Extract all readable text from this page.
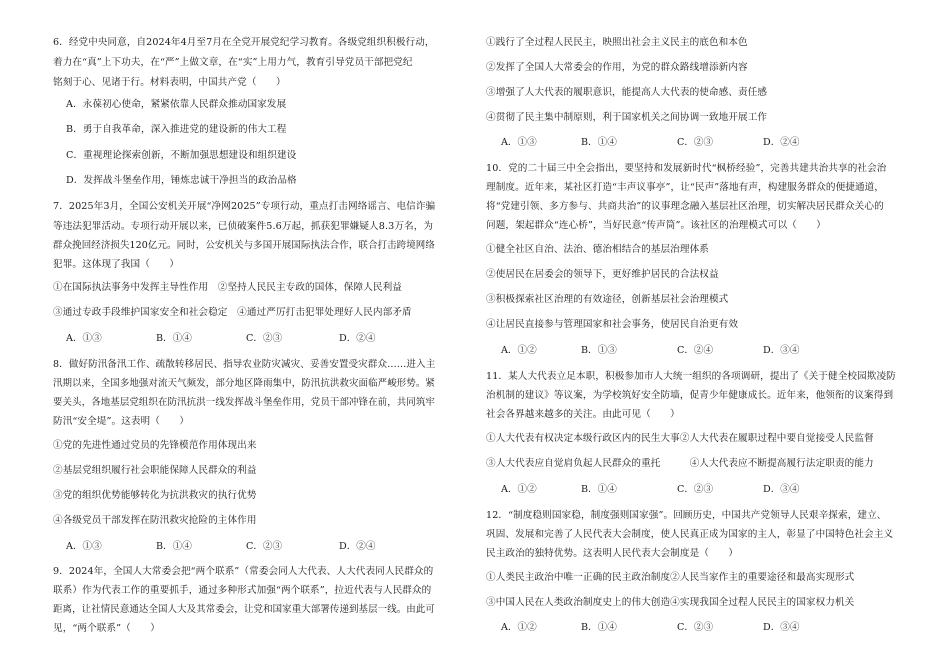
6．经党中央同意，自2024年4月至7月在全党开展党纪学习教育。各级党组织积极行动，
着力在“真”上下功夫，在“严”上做文章，在“实”上用力气，教育引导党员干部把党纪
铭刻于心、见诸于行。材料表明，中国共产党（　　）
A．永葆初心使命，紧紧依靠人民群众推动国家发展
B．勇于自我革命，深入推进党的建设新的伟大工程
C．重视理论探索创新，不断加强思想建设和组织建设
D．发挥战斗堡垒作用，锤炼忠诚干净担当的政治品格
7．2025年3月，全国公安机关开展“净网2025”专项行动，重点打击网络谣言、电信诈骗
等违法犯罪活动。专项行动开展以来，已侦破案件5.6万起，抓获犯罪嫌疑人8.3万名，为
群众挽回经济损失120亿元。同时，公安机关与多国开展国际执法合作，联合打击跨境网络
犯罪。这体现了我国（　　）
①在国际执法事务中发挥主导性作用　②坚持人民民主专政的国体，保障人民利益
③通过专政手段维护国家安全和社会稳定　④通过严厉打击犯罪处理好人民内部矛盾
A．①③	B．①④	C．②③	D．②④
8．做好防汛备汛工作、疏散转移居民、指导农业防灾减灾、妥善安置受灾群众……进入主
汛期以来，全国多地强对流天气频发，部分地区降雨集中，防汛抗洪救灾面临严峻形势。紧
要关头，各地基层党组织在防汛抗洪一线发挥战斗堡垒作用，党员干部冲锋在前，共同筑牢
防汛“安全堤”。这表明（　　）
①党的先进性通过党员的先锋模范作用体现出来
②基层党组织履行社会职能保障人民群众的利益
③党的组织优势能够转化为抗洪救灾的执行优势
④各级党员干部发挥在防汛救灾抢险的主体作用
A．①③	B．①④	C．②③	D．②④
9．2024年，全国人大常委会把“两个联系”（常委会同人大代表、人大代表同人民群众的
联系）作为代表工作的重要抓手，通过多种形式加强“两个联系”，拉近代表与人民群众的
距离，让社情民意通达全国人大及其常委会，让党和国家重大部署传递到基层一线。由此可
见，“两个联系”（　　）
①践行了全过程人民民主，映照出社会主义民主的底色和本色
②发挥了全国人大常委会的作用，为党的群众路线增添新内容
③增强了人大代表的履职意识，能提高人大代表的使命感、责任感
④贯彻了民主集中制原则，利于国家机关之间协调一致地开展工作
A．①③	B．①④	C．②③	D．②④
10．党的二十届三中全会指出，要坚持和发展新时代“枫桥经验”，完善共建共治共享的社会治
理制度。近年来，某社区打造“丰声议事亭”，让“民声”落地有声，构建服务群众的便捷通道，
将“党建引领、多方参与、共商共治”的议事理念融入基层社区治理，切实解决居民群众关心的
问题，架起群众“连心桥”，当好民意“传声筒”。该社区的治理模式可以（　　）
①健全社区自治、法治、德治相结合的基层治理体系
②使居民在居委会的领导下，更好维护居民的合法权益
③积极探索社区治理的有效途径，创新基层社会治理模式
④让居民直接参与管理国家和社会事务，使居民自治更有效
A．①②	B．①③	C．②④	D．③④
11．某人大代表立足本职，积极参加市人大统一组织的各项调研，提出了《关于健全校园欺凌防
治机制的建议》等议案，为学校筑好安全防墙，促青少年健康成长。近年来，他领衔的议案得到
社会各界越来越多的关注。由此可见（　　）
①人大代表有权决定本级行政区内的民生大事②人大代表在履职过程中要自觉接受人民监督
③人大代表应自觉肩负起人民群众的重托　　　④人大代表应不断提高履行法定职责的能力
A．①②	B．①④	C．②③	D．③④
12．“制度稳则国家稳，制度强则国家强”。回顾历史，中国共产党领导人民艰辛探索，建立、
巩固、发展和完善了人民代表大会制度，使人民真正成为国家的主人，彰显了中国特色社会主义
民主政治的独特优势。这表明人民代表大会制度是（　　）
①人类民主政治中唯一正确的民主政治制度②人民当家作主的重要途径和最高实现形式
③中国人民在人类政治制度史上的伟大创造④实现我国全过程人民民主的国家权力机关
A．①②	B．①④	C．②③	D．③④
